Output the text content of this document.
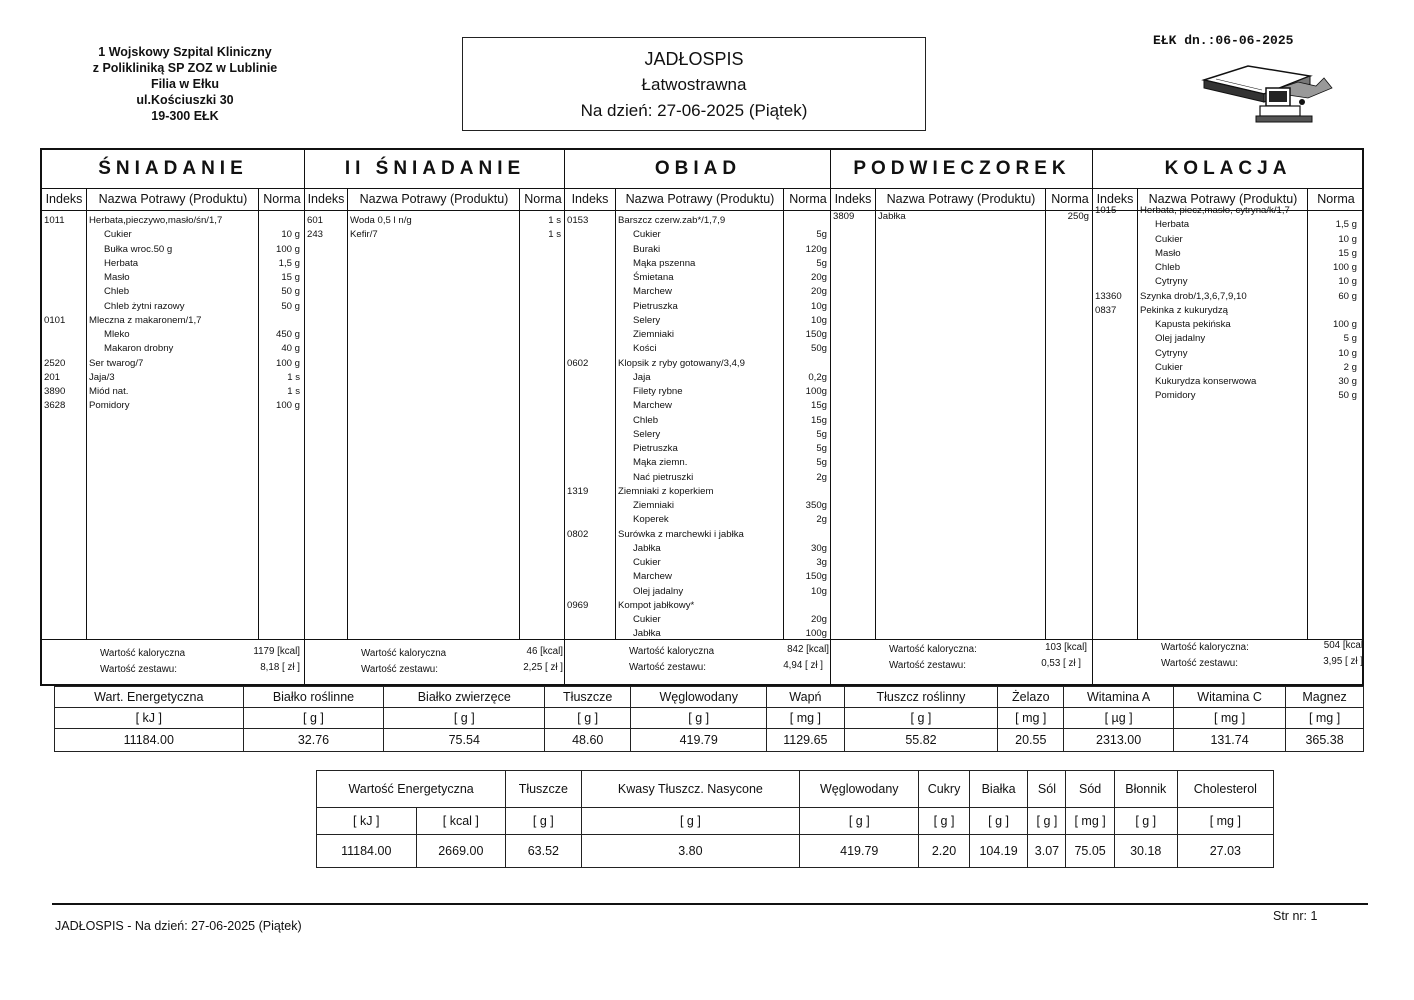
1 Wojskowy Szpital Kliniczny
z Polikliniką SP ZOZ w Lublinie
Filia w Ełku
ul.Kościuszki 30
19-300 EŁK
JADŁOSPIS
Łatwostrawna
Na dzień: 27-06-2025 (Piątek)
EŁK dn.:06-06-2025
ŚNIADANIE
Indeks	Nazwa Potrawy (Produktu)	Norma
1011	Herbata,pieczywo,masło/śn/1,7
Cukier	10 g
Bułka wroc.50 g	100 g
Herbata	1,5 g
Masło	15 g
Chleb	50 g
Chleb żytni razowy	50 g
0101 Mleczna z makaronem/1,7
Mleko	450 g
Makaron drobny	40 g
2520 Ser twarog/7	100 g
201	Jaja/3	1 s
3890 Miód nat.	1 s
3628 Pomidory	100 g
Wartość kaloryczna	1179 [kcal]
Wartość zestawu:	8,18 [ zł ]
II ŚNIADANIE
Indeks	Nazwa Potrawy (Produktu)	Norma
601	Woda 0,5 l n/g	1 s
243	Kefir/7	1 s
Wartość kaloryczna	46 [kcal]
Wartość zestawu:	2,25 [ zł ]
OBIAD
Indeks	Nazwa Potrawy (Produktu)	Norma
0153	Barszcz czerw.zab*/1,7,9
Cukier	5g
Buraki	120g
Mąka pszenna	5g
Śmietana	20g
Marchew	20g
Pietruszka	10g
Selery	10g
Ziemniaki	150g
Kości	50g
0602	Klopsik z ryby gotowany/3,4,9
Jaja	0,2g
Filety rybne	100g
Marchew	15g
Chleb	15g
Selery	5g
Pietruszka	5g
Mąka ziemn.	5g
Nać pietruszki	2g
1319	Ziemniaki z koperkiem
Ziemniaki	350g
Koperek	2g
0802	Surówka z marchewki i jabłka
Jabłka	30g
Cukier	3g
Marchew	150g
Olej jadalny	10g
0969	Kompot jabłkowy*
Cukier	20g
Jabłka	100g
Wartość kaloryczna	842 [kcal]
Wartość zestawu:	4,94 [ zł ]
PODWIECZOREK
Indeks	Nazwa Potrawy (Produktu)	Norma
3809 Jabłka	250g
Wartość kaloryczna:	103 [kcal]
Wartość zestawu:	0,53 [ zł ]
KOLACJA
Indeks	Nazwa Potrawy (Produktu)	Norma
1015 Herbata, piecz,masło, cytryna/k/1,7
Herbata	1,5 g
Cukier	10 g
Masło	15 g
Chleb	100 g
Cytryny	10 g
13360 Szynka drob/1,3,6,7,9,10	60 g
0837 Pekinka z kukurydzą
Kapusta pekińska	100 g
Olej jadalny	5 g
Cytryny	10 g
Cukier	2 g
Kukurydza konserwowa	30 g
Pomidory	50 g
Wartość kaloryczna:	504 [kcal
Wartość zestawu:	3,95 [ zł ]
Wart. Energetyczna	Białko roślinne	Białko zwierzęce	Tłuszcze	Węglowodany	Wapń	Tłuszcz roślinny	Żelazo	Witamina A	Witamina C	Magnez
[ kJ ]	[ g ]	[ g ]	[ g ]	[ g ]	[ mg ]	[ g ]	[ mg ]	[ µg ]	[ mg ]	[ mg ]
11184.00	32.76	75.54	48.60	419.79	1129.65	55.82	20.55	2313.00	131.74	365.38
Wartość Energetyczna		Tłuszcze	Kwasy Tłuszcz. Nasycone	Węglowodany	Cukry	Białka	Sól	Sód	Błonnik	Cholesterol
[ kJ ]	[ kcal ]	[ g ]	[ g ]	[ g ]	[ g ]	[ g ]	[ g ]	[ mg ]	[ g ]	[ mg ]
11184.00	2669.00	63.52	3.80	419.79	2.20	104.19	3.07	75.05	30.18	27.03
JADŁOSPIS - Na dzień: 27-06-2025 (Piątek)
Str nr: 1
